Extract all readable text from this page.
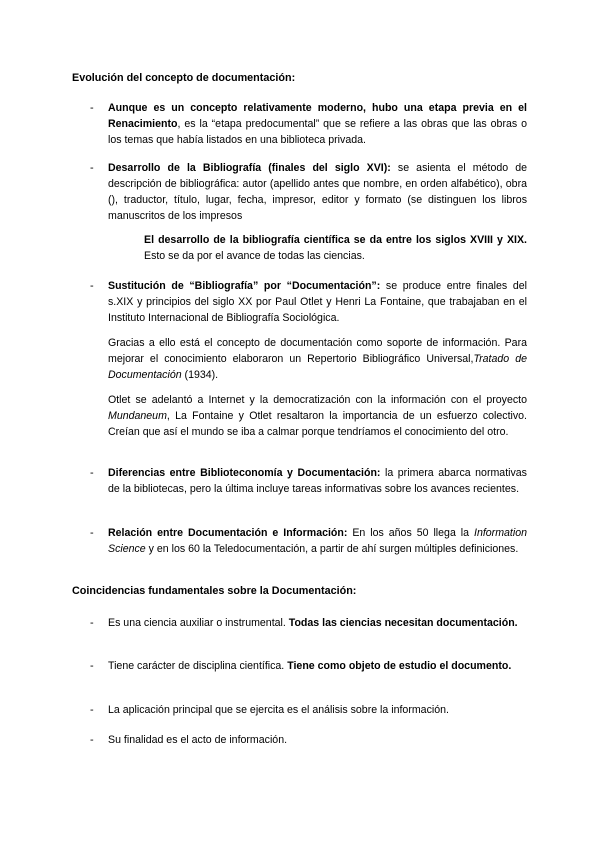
Evolución del concepto de documentación:
- Aunque es un concepto relativamente moderno, hubo una etapa previa en el Renacimiento, es la “etapa predocumental” que se refiere a las obras que las obras o los temas que había listados en una biblioteca privada.
- Desarrollo de la Bibliografía (finales del siglo XVI): se asienta el método de descripción de bibliográfica: autor (apellido antes que nombre, en orden alfabético), obra (), traductor, título, lugar, fecha, impresor, editor y formato (se distinguen los libros manuscritos de los impresos
El desarrollo de la bibliografía científica se da entre los siglos XVIII y XIX. Esto se da por el avance de todas las ciencias.
- Sustitución de “Bibliografía” por “Documentación”: se produce entre finales del s.XIX y principios del siglo XX por Paul Otlet y Henri La Fontaine, que trabajaban en el Instituto Internacional de Bibliografía Sociológica.
Gracias a ello está el concepto de documentación como soporte de información. Para mejorar el conocimiento elaboraron un Repertorio Bibliográfico Universal,Tratado de Documentación (1934).
Otlet se adelantó a Internet y la democratización con la información con el proyecto Mundaneum, La Fontaine y Otlet resaltaron la importancia de un esfuerzo colectivo. Creían que así el mundo se iba a calmar porque tendríamos el conocimiento del otro.
- Diferencias entre Biblioteconomía y Documentación: la primera abarca normativas de la bibliotecas, pero la última incluye tareas informativas sobre los avances recientes.
- Relación entre Documentación e Información: En los años 50 llega la Information Science y en los 60 la Teledocumentación, a partir de ahí surgen múltiples definiciones.
Coincidencias fundamentales sobre la Documentación:
- Es una ciencia auxiliar o instrumental. Todas las ciencias necesitan documentación.
- Tiene carácter de disciplina científica. Tiene como objeto de estudio el documento.
- La aplicación principal que se ejercita es el análisis sobre la información.
- Su finalidad es el acto de información.
